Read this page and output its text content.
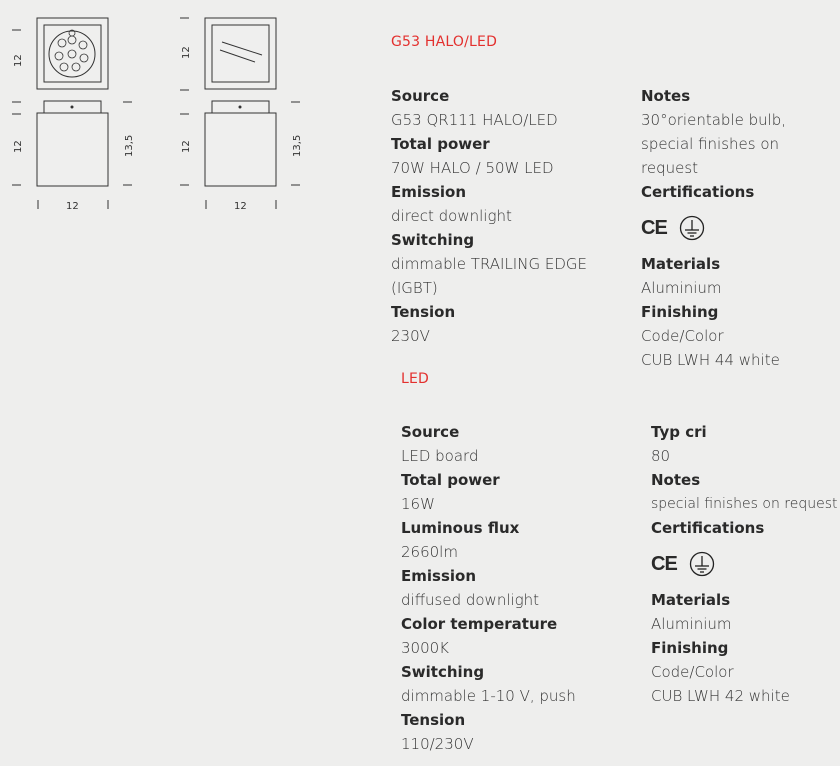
12
12	13,5
12
12
12	13,5
12
G53 HALO/LED
Source
G53 QR111 HALO/LED
Total power
70W HALO / 50W LED
Emission
direct downlight
Switching
dimmable TRAILING EDGE (IGBT)
Tension
230V
Notes
30°orientable bulb, special finishes on request
Certifications
CE
Materials
Aluminium
Finishing
Code/Color
CUB LWH 44 white
LED
Source
LED board
Total power
16W
Luminous flux
2660lm
Emission
diffused downlight
Color temperature
3000K
Switching
dimmable 1-10 V, push
Tension
110/230V
Typ cri
80
Notes
special finishes on request
Certifications
CE
Materials
Aluminium
Finishing
Code/Color
CUB LWH 42 white
